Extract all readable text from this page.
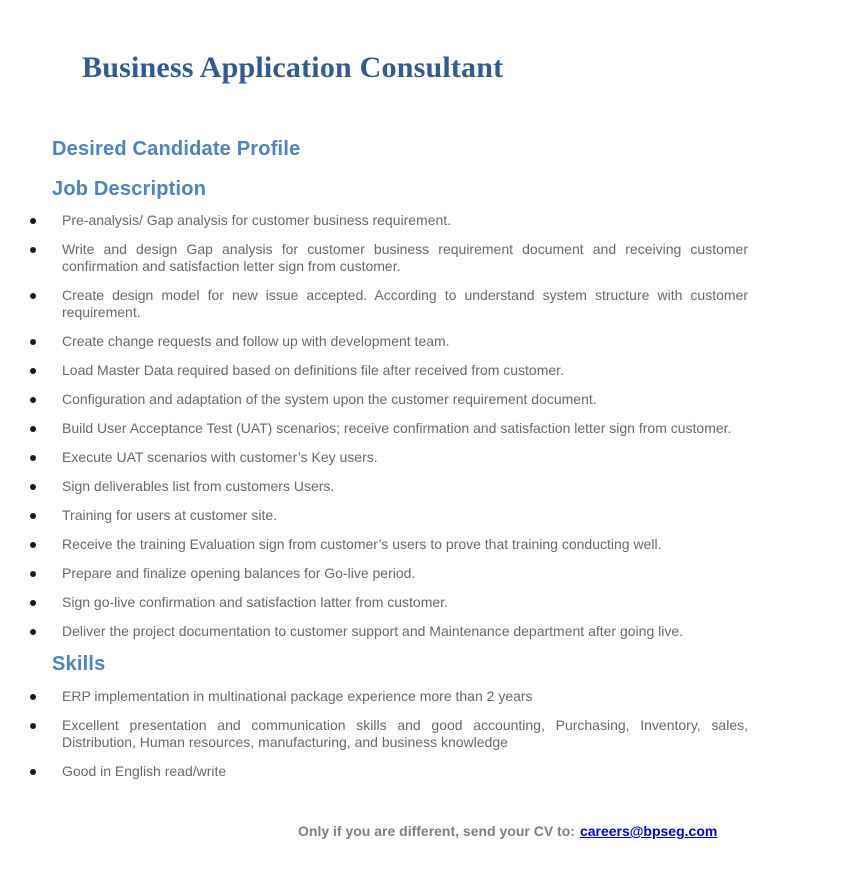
Business Application Consultant
Desired Candidate Profile
Job Description
Pre-analysis/ Gap analysis for customer business requirement.
Write and design Gap analysis for customer business requirement document and receiving customer confirmation and satisfaction letter sign from customer.
Create design model for new issue accepted. According to understand system structure with customer requirement.
Create change requests and follow up with development team.
Load Master Data required based on definitions file after received from customer.
Configuration and adaptation of the system upon the customer requirement document.
Build User Acceptance Test (UAT) scenarios; receive confirmation and satisfaction letter sign from customer.
Execute UAT scenarios with customer’s Key users.
Sign deliverables list from customers Users.
Training for users at customer site.
Receive the training Evaluation sign from customer’s users to prove that training conducting well.
Prepare and finalize opening balances for Go-live period.
Sign go-live confirmation and satisfaction latter from customer.
Deliver the project documentation to customer support and Maintenance department after going live.
Skills
ERP implementation in multinational package experience more than 2 years
Excellent presentation and communication skills and good accounting, Purchasing, Inventory, sales, Distribution, Human resources, manufacturing, and business knowledge
Good in English read/write
Only if you are different, send your CV to: careers@bpseg.com
